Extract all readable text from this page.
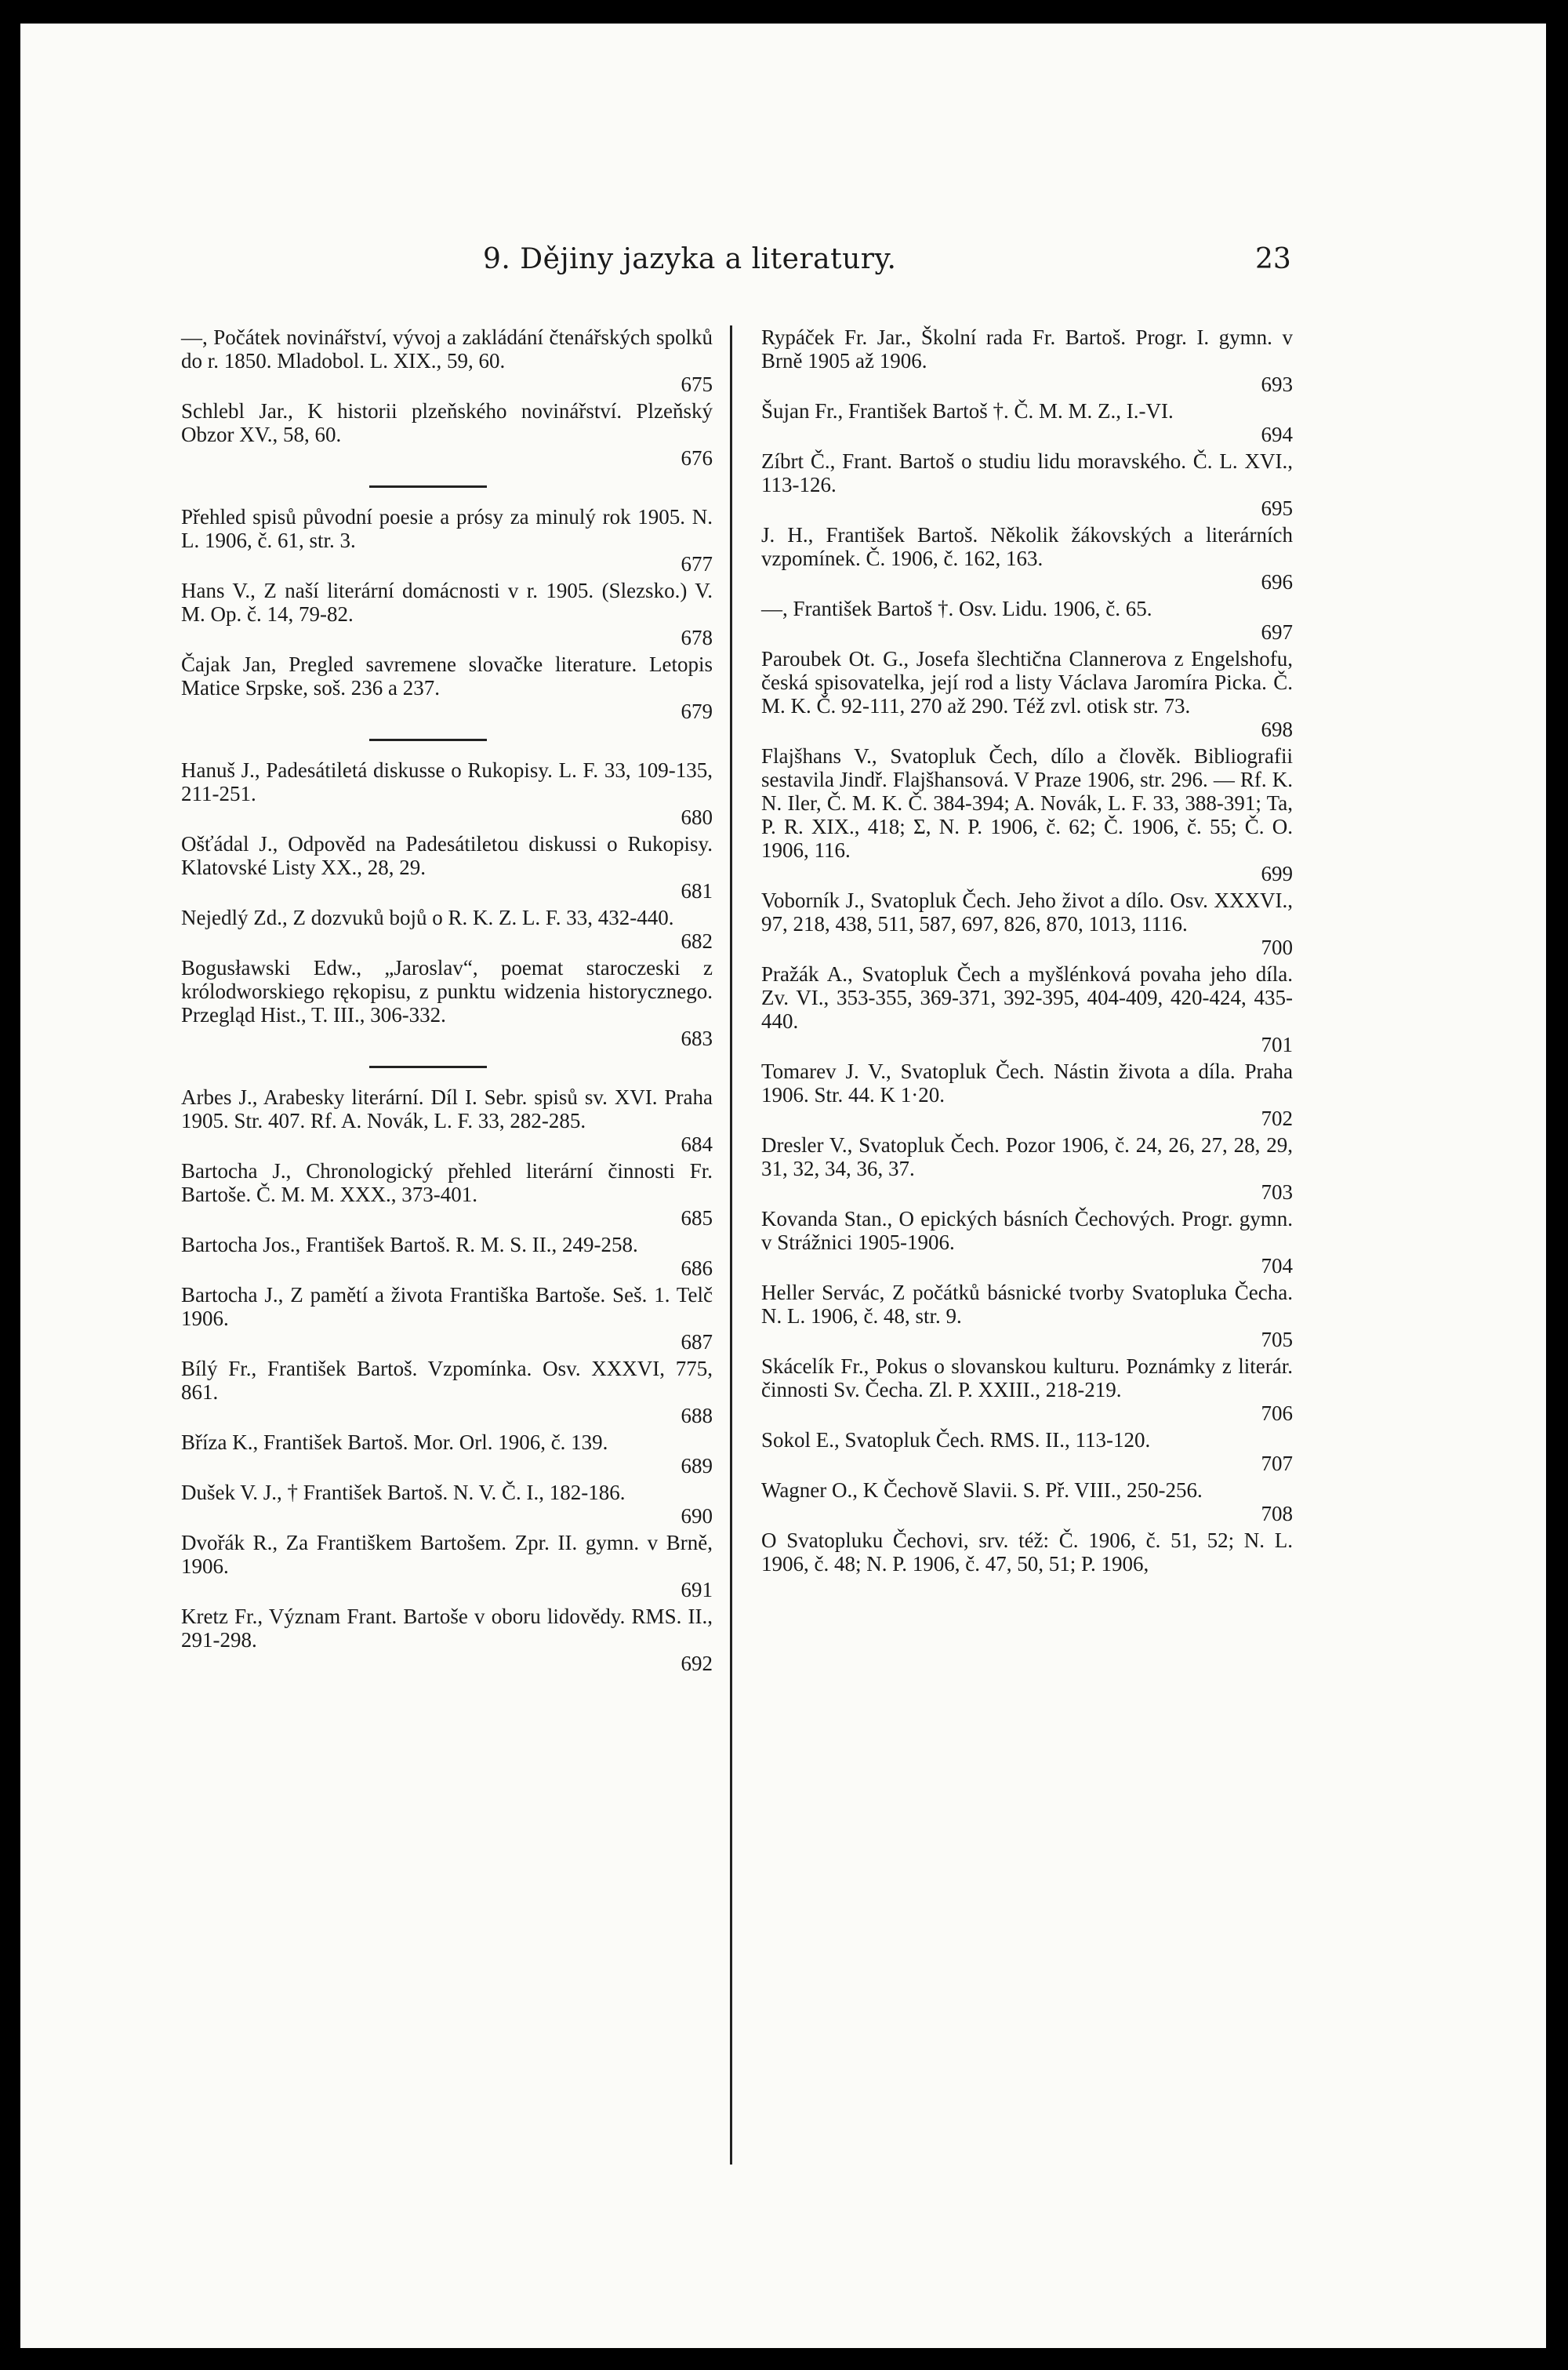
9. Dějiny jazyka a literatury.	23
—, Počátek novinářství, vývoj a zakládání čtenářských spolků do r. 1850. Mladobol. L. XIX., 59, 60.
675
Schlebl Jar., K historii plzeňského novinářství. Plzeňský Obzor XV., 58, 60.
676
Přehled spisů původní poesie a prósy za minulý rok 1905. N. L. 1906, č. 61, str. 3.
677
Hans V., Z naší literární domácnosti v r. 1905. (Slezsko.) V. M. Op. č. 14, 79-82.
678
Čajak Jan, Pregled savremene slovačke literature. Letopis Matice Srpske, soš. 236 a 237.
679
Hanuš J., Padesátiletá diskusse o Rukopisy. L. F. 33, 109-135, 211-251.
680
Ošťádal J., Odpověd na Padesátiletou diskussi o Rukopisy. Klatovské Listy XX., 28, 29.
681
Nejedlý Zd., Z dozvuků bojů o R. K. Z. L. F. 33, 432-440.
682
Bogusławski Edw., „Jaroslav“, poemat staroczeski z królodworskiego rękopisu, z punktu widzenia historycznego. Przegląd Hist., T. III., 306-332.
683
Arbes J., Arabesky literární. Díl I. Sebr. spisů sv. XVI. Praha 1905. Str. 407. Rf. A. Novák, L. F. 33, 282-285.
684
Bartocha J., Chronologický přehled literární činnosti Fr. Bartoše. Č. M. M. XXX., 373-401.
685
Bartocha Jos., František Bartoš. R. M. S. II., 249-258.
686
Bartocha J., Z pamětí a života Františka Bartoše. Seš. 1. Telč 1906.
687
Bílý Fr., František Bartoš. Vzpomínka. Osv. XXXVI, 775, 861.
688
Bříza K., František Bartoš. Mor. Orl. 1906, č. 139.
689
Dušek V. J., † František Bartoš. N. V. Č. I., 182-186.
690
Dvořák R., Za Františkem Bartošem. Zpr. II. gymn. v Brně, 1906.
691
Kretz Fr., Význam Frant. Bartoše v oboru lidovědy. RMS. II., 291-298.
692
Rypáček Fr. Jar., Školní rada Fr. Bartoš. Progr. I. gymn. v Brně 1905 až 1906.
693
Šujan Fr., František Bartoš †. Č. M. M. Z., I.-VI.
694
Zíbrt Č., Frant. Bartoš o studiu lidu moravského. Č. L. XVI., 113-126.
695
J. H., František Bartoš. Několik žákovských a literárních vzpomínek. Č. 1906, č. 162, 163.
696
—, František Bartoš †. Osv. Lidu. 1906, č. 65.
697
Paroubek Ot. G., Josefa šlechtična Clannerova z Engelshofu, česká spisovatelka, její rod a listy Václava Jaromíra Picka. Č. M. K. Č. 92-111, 270 až 290. Též zvl. otisk str. 73.
698
Flajšhans V., Svatopluk Čech, dílo a člověk. Bibliografii sestavila Jindř. Flajšhansová. V Praze 1906, str. 296. — Rf. K. N. Iler, Č. M. K. Č. 384-394; A. Novák, L. F. 33, 388-391; Ta, P. R. XIX., 418; Σ, N. P. 1906, č. 62; Č. 1906, č. 55; Č. O. 1906, 116.
699
Voborník J., Svatopluk Čech. Jeho život a dílo. Osv. XXXVI., 97, 218, 438, 511, 587, 697, 826, 870, 1013, 1116.
700
Pražák A., Svatopluk Čech a myšlénková povaha jeho díla. Zv. VI., 353-355, 369-371, 392-395, 404-409, 420-424, 435-440.
701
Tomarev J. V., Svatopluk Čech. Nástin života a díla. Praha 1906. Str. 44. K 1·20.
702
Dresler V., Svatopluk Čech. Pozor 1906, č. 24, 26, 27, 28, 29, 31, 32, 34, 36, 37.
703
Kovanda Stan., O epických básních Čechových. Progr. gymn. v Strážnici 1905-1906.
704
Heller Servác, Z počátků básnické tvorby Svatopluka Čecha. N. L. 1906, č. 48, str. 9.
705
Skácelík Fr., Pokus o slovanskou kulturu. Poznámky z literár. činnosti Sv. Čecha. Zl. P. XXIII., 218-219.
706
Sokol E., Svatopluk Čech. RMS. II., 113-120.
707
Wagner O., K Čechově Slavii. S. Př. VIII., 250-256.
708
O Svatopluku Čechovi, srv. též: Č. 1906, č. 51, 52; N. L. 1906, č. 48; N. P. 1906, č. 47, 50, 51; P. 1906,
